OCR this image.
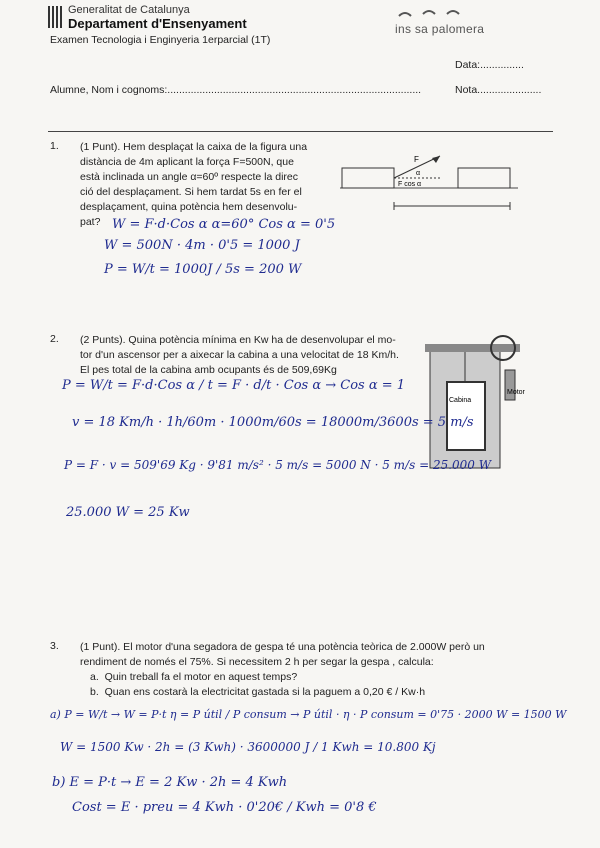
Generalitat de Catalunya
Departament d'Ensenyament	ins sa palomera
Examen Tecnologia i Enginyeria 1erparcial (1T)
Data:...............
Alumne, Nom i cognoms:.......................................................................................	Nota......................
1. (1 Punt). Hem desplaçat la caixa de la figura una
distància de 4m aplicant la força F=500N, que
està inclinada un angle α=60º respecte la direc
ció del desplaçament. Si hem tardat 5s en fer el
desplaçament, quina potència hem desenvolu-
pat?
F
α
F cos α
W = F·d·Cos α α=60° Cos α = 0'5
W = 500N · 4m · 0'5 = 1000 J
P = W/t = 1000J / 5s = 200 W
2. (2 Punts). Quina potència mínima en Kw ha de desenvolupar el mo-
tor d'un ascensor per a aixecar la cabina a una velocitat de 18 Km/h.
El pes total de la cabina amb ocupants és de 509,69Kg
Cabina
Motor
P = W/t = F·d·Cos α / t = F · d/t · Cos α → Cos α = 1
v = 18 Km/h · 1h/60m · 1000m/60s = 18000m/3600s = 5 m/s
P = F · v = 509'69 Kg · 9'81 m/s² · 5 m/s = 5000 N · 5 m/s = 25.000 W
25.000 W = 25 Kw
3. (1 Punt). El motor d'una segadora de gespa té una potència teòrica de 2.000W però un
rendiment de només el 75%. Si necessitem 2 h per segar la gespa , calcula:
a. Quin treball fa el motor en aquest temps?
b. Quan ens costarà la electricitat gastada si la paguem a 0,20 € / Kw·h
a) P = W/t → W = P·t η = P útil / P consum → P útil · η · P consum = 0'75 · 2000 W = 1500 W
W = 1500 Kw · 2h = (3 Kwh) · 3600000 J / 1 Kwh = 10.800 Kj
b) E = P·t → E = 2 Kw · 2h = 4 Kwh
Cost = E · preu = 4 Kwh · 0'20€ / Kwh = 0'8 €
